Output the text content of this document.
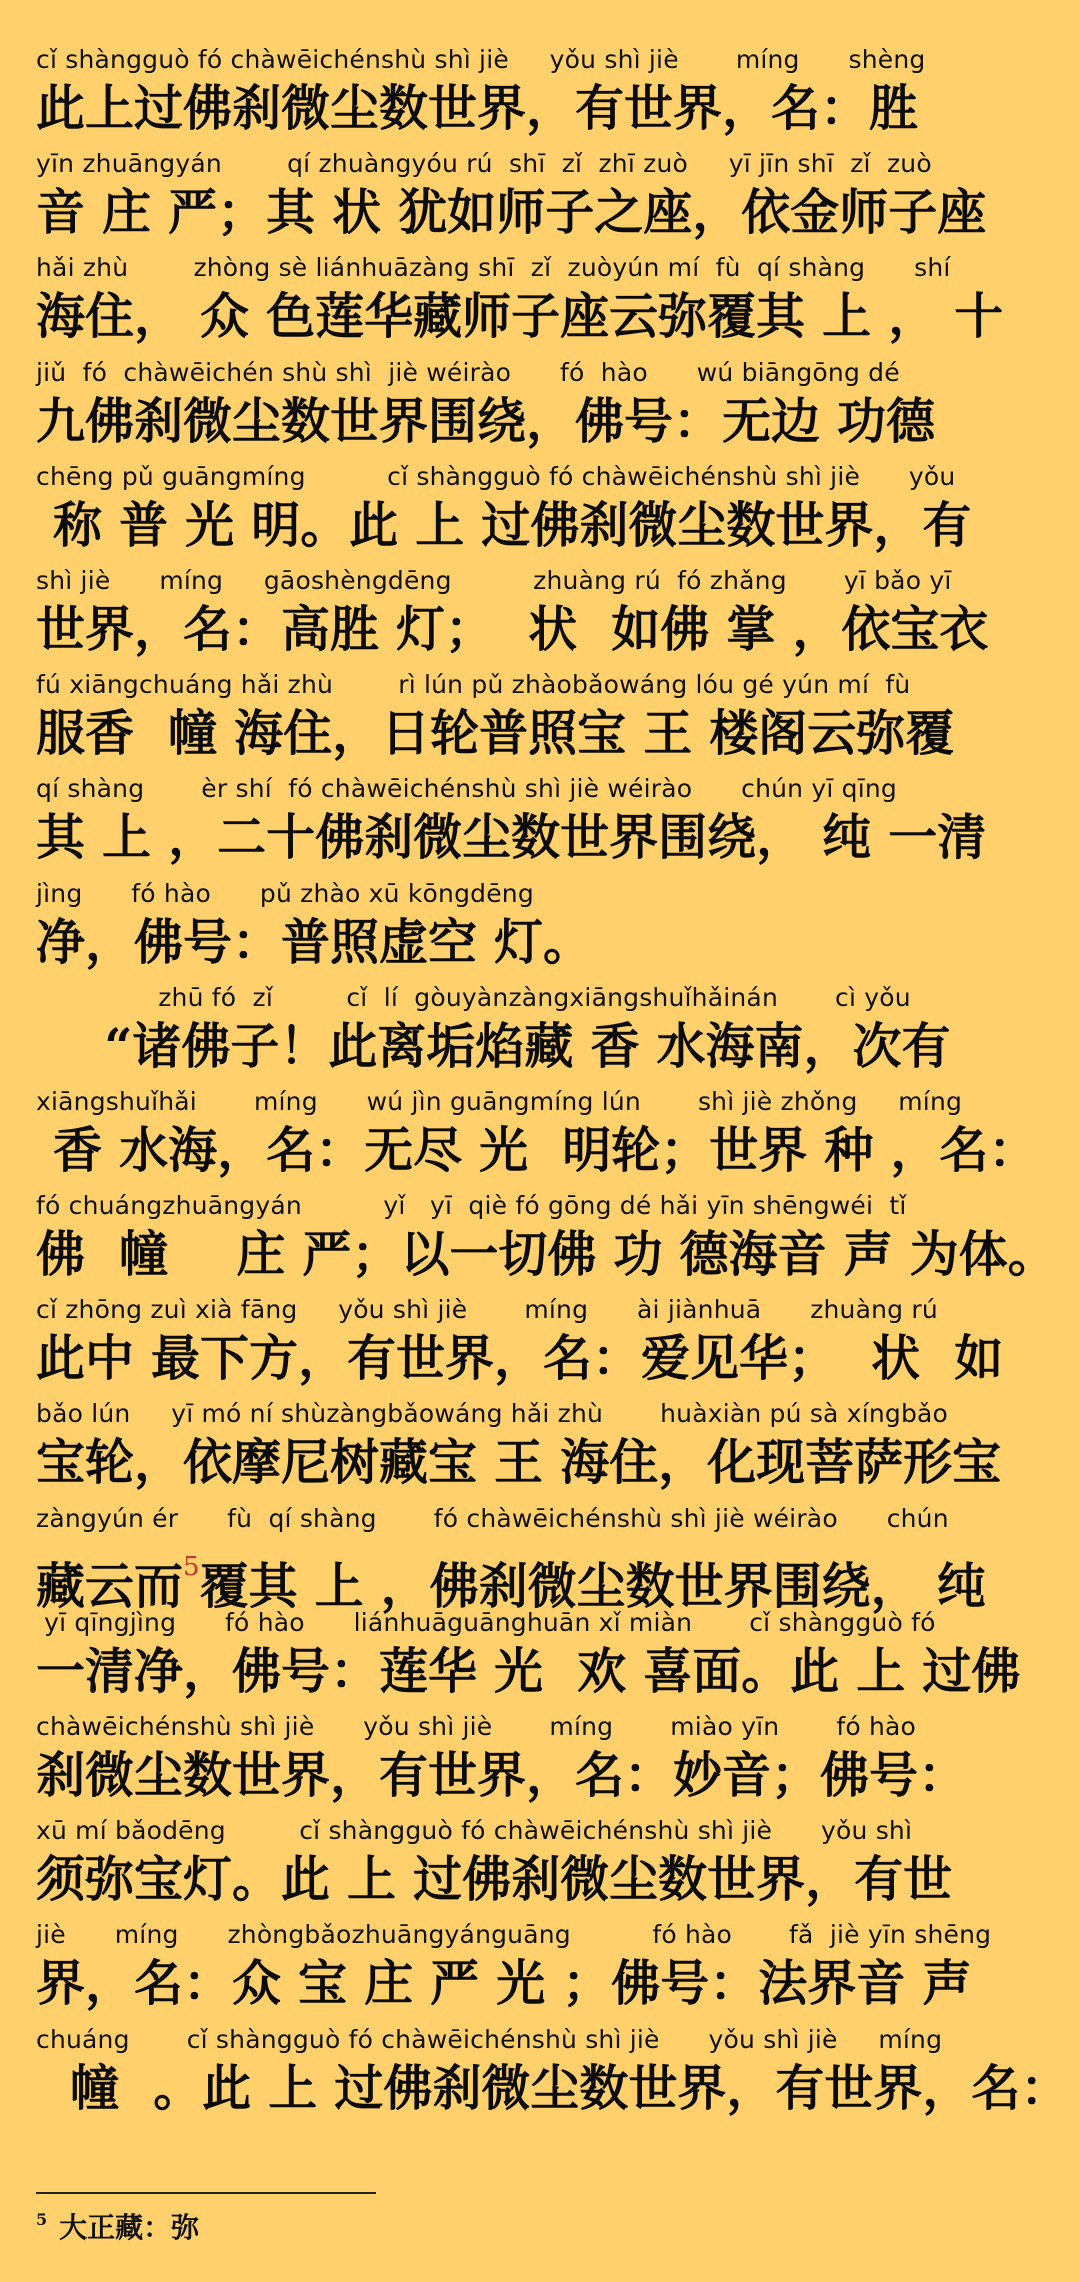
cǐ shàngguò fó chàwēichénshù shì jiè     yǒu shì jiè       míng      shèng
此上过佛刹微尘数世界，有世界，名：胜
yīn zhuāngyán        qí zhuàngyóu rú  shī  zǐ  zhī zuò     yī jīn shī  zǐ  zuò
音 庄 严；其 状 犹如师子之座，依金师子座
hǎi zhù        zhòng sè liánhuāzàng shī  zǐ  zuòyún mí  fù  qí shàng      shí
海住， 众 色莲华藏师子座云弥覆其 上 ， 十
jiǔ  fó  chàwēichén shù shì  jiè wéirào      fó  hào      wú biāngōng dé
九佛刹微尘数世界围绕，佛号：无边 功德
chēng pǔ guāngmíng          cǐ shàngguò fó chàwēichénshù shì jiè      yǒu
称 普 光 明。此 上 过佛刹微尘数世界，有
shì jiè      míng     gāoshèngdēng          zhuàng rú  fó zhǎng       yī bǎo yī
世界，名：高胜 灯；  状  如佛 掌 ，依宝衣
fú xiāngchuáng hǎi zhù        rì lún pǔ zhàobǎowáng lóu gé yún mí  fù
服香  幢 海住，日轮普照宝 王 楼阁云弥覆
qí shàng       èr shí  fó chàwēichénshù shì jiè wéirào      chún yī qīng
其 上 ，二十佛刹微尘数世界围绕， 纯 一清
jìng      fó hào      pǔ zhào xū kōngdēng
净，佛号：普照虚空 灯。
zhū fó  zǐ         cǐ  lí  gòuyànzàngxiāngshuǐhǎinán       cì yǒu
“诸佛子！此离垢焰藏 香 水海南，次有
xiāngshuǐhǎi       míng      wú jìn guāngmíng lún       shì jiè zhǒng     míng
香 水海，名：无尽 光  明轮；世界 种 ，名：
fó chuángzhuāngyán          yǐ   yī  qiè fó gōng dé hǎi yīn shēngwéi  tǐ
佛  幢    庄 严；以一切佛 功 德海音 声 为体。
cǐ zhōng zuì xià fāng     yǒu shì jiè       míng      ài jiànhuā      zhuàng rú
此中 最下方，有世界，名：爱见华；  状  如
bǎo lún     yī mó ní shùzàngbǎowáng hǎi zhù       huàxiàn pú sà xíngbǎo
宝轮，依摩尼树藏宝 王 海住，化现菩萨形宝
zàngyún ér      fù  qí shàng       fó chàwēichénshù shì jiè wéirào      chún
藏云而$^5$覆其 上 ，佛刹微尘数世界围绕， 纯
yī qīngjìng      fó hào      liánhuāguānghuān xǐ miàn       cǐ shàngguò fó
一清净，佛号：莲华 光  欢 喜面。此 上 过佛
chàwēichénshù shì jiè      yǒu shì jiè       míng       miào yīn       fó hào
刹微尘数世界，有世界，名：妙音；佛号：
xū mí bǎodēng         cǐ shàngguò fó chàwēichénshù shì jiè      yǒu shì
须弥宝灯。此 上 过佛刹微尘数世界，有世
jiè      míng      zhòngbǎozhuāngyánguāng          fó hào       fǎ  jiè yīn shēng
界，名：众 宝 庄 严 光 ；佛号：法界音 声
chuáng       cǐ shàngguò fó chàwēichénshù shì jiè      yǒu shì jiè     míng
幢  。此 上 过佛刹微尘数世界，有世界，名：
$^5$ 大正藏：弥
